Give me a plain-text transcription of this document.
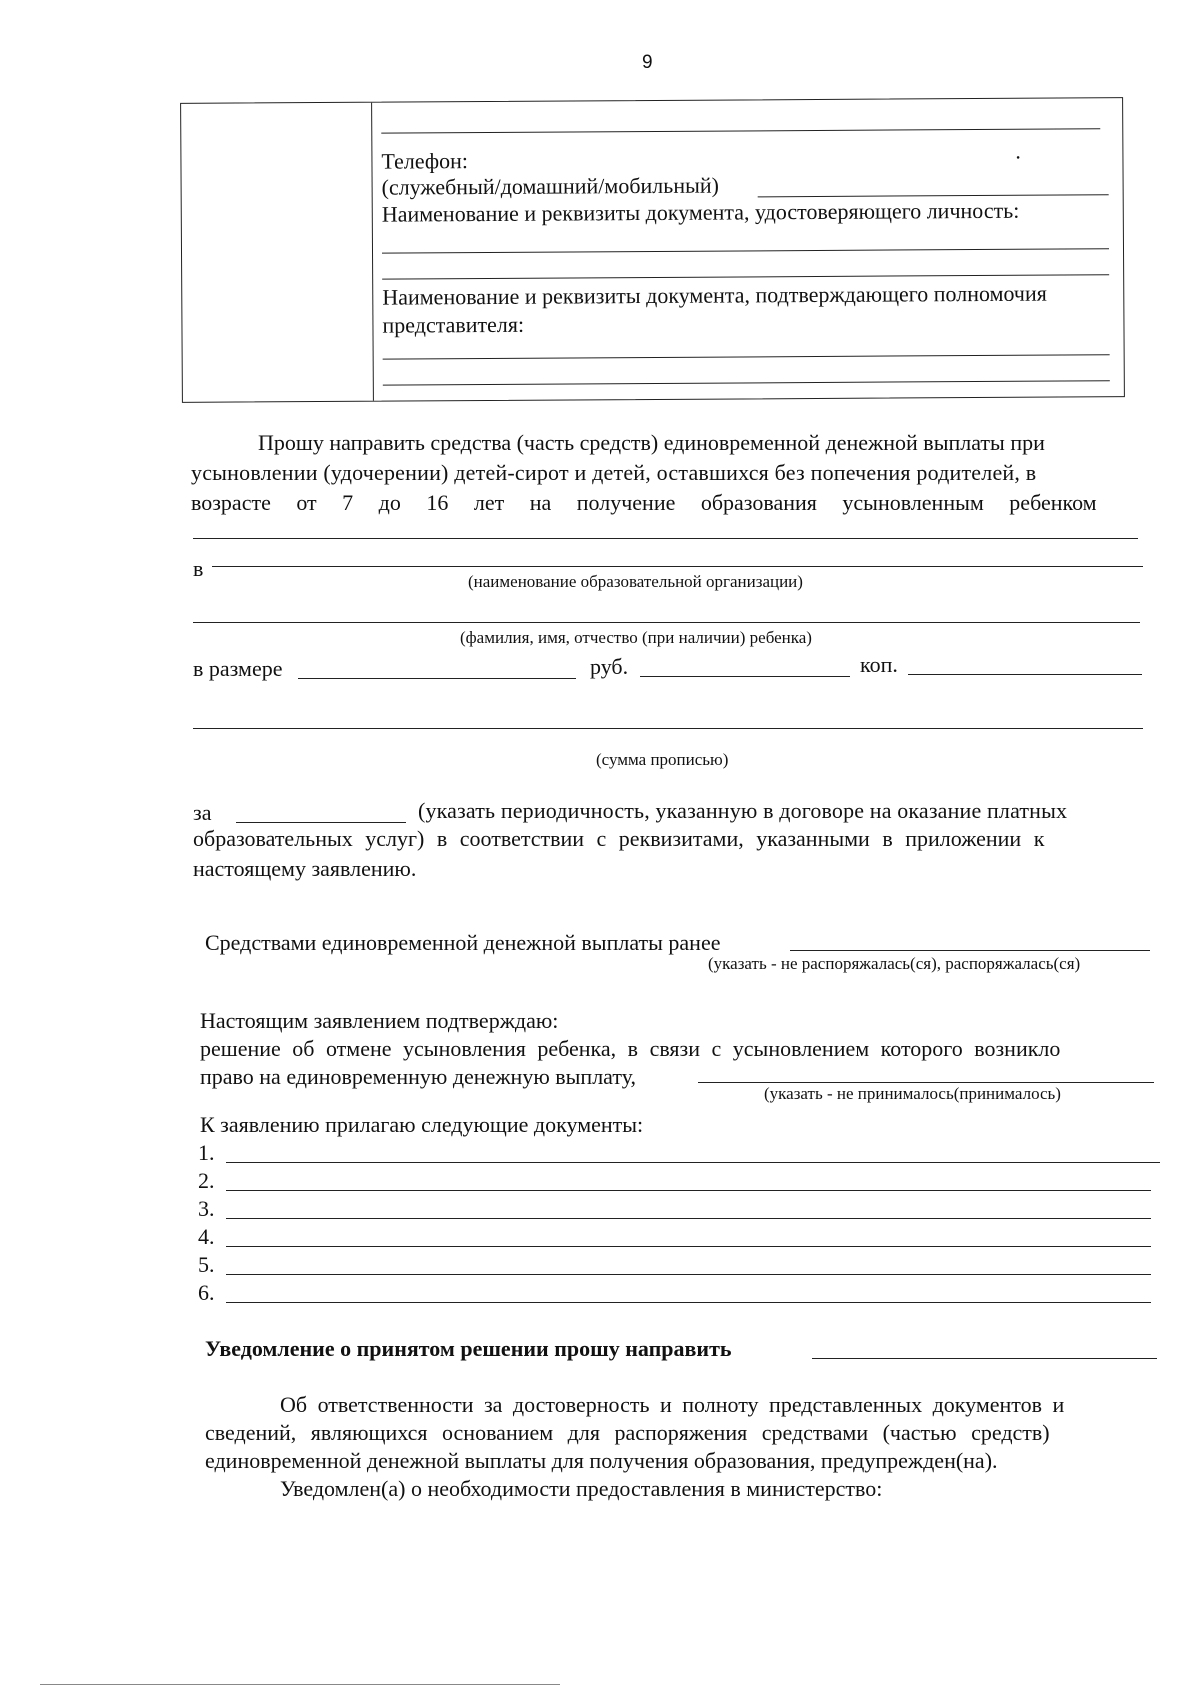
9
Телефон:	·
(служебный/домашний/мобильный)
Наименование и реквизиты документа, удостоверяющего личность:
Наименование и реквизиты документа, подтверждающего полномочия
представителя:
Прошу направить средства (часть средств) единовременной денежной выплаты при
усыновлении (удочерении) детей-сирот и детей, оставшихся без попечения родителей, в
возрасте от 7 до 16 лет на получение образования усыновленным ребенком
в
(наименование образовательной организации)
(фамилия, имя, отчество (при наличии) ребенка)
в размере	руб.	коп.
(сумма прописью)
за	(указать периодичность, указанную в договоре на оказание платных
образовательных услуг) в соответствии с реквизитами, указанными в приложении к
настоящему заявлению.
Средствами единовременной денежной выплаты ранее
(указать - не распоряжалась(ся), распоряжалась(ся)
Настоящим заявлением подтверждаю:
решение об отмене усыновления ребенка, в связи с усыновлением которого возникло
право на единовременную денежную выплату,
(указать - не принималось(принималось)
К заявлению прилагаю следующие документы:
1.
2.
3.
4.
5.
6.
Уведомление о принятом решении прошу направить
Об ответственности за достоверность и полноту представленных документов и
сведений, являющихся основанием для распоряжения средствами (частью средств)
единовременной денежной выплаты для получения образования, предупрежден(на).
Уведомлен(а) о необходимости предоставления в министерство:
